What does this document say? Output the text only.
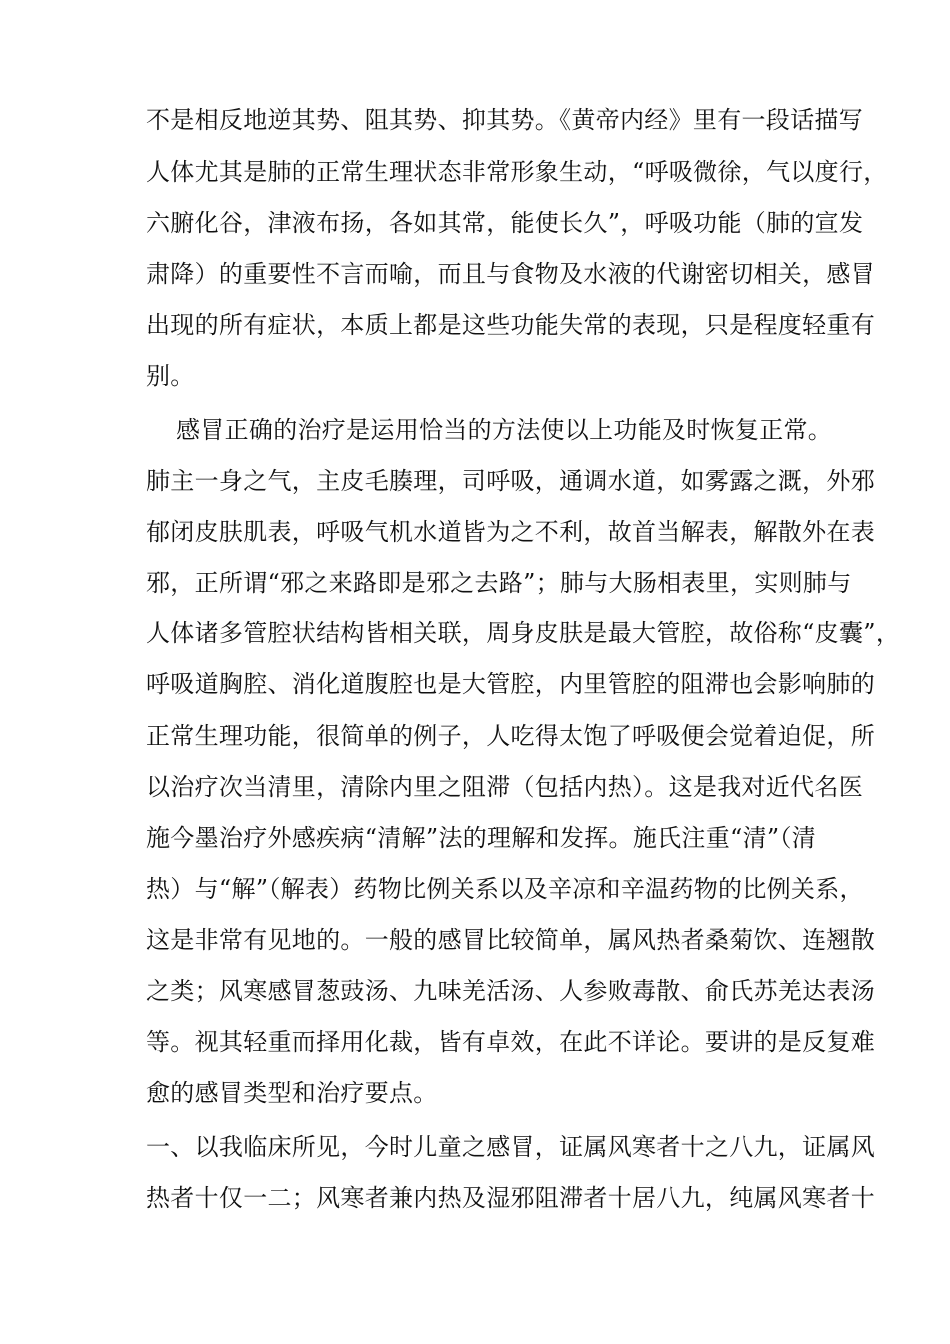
不是相反地逆其势、阻其势、抑其势。《黄帝内经》里有一段话描写
人体尤其是肺的正常生理状态非常形象生动，“呼吸微徐，气以度行，
六腑化谷，津液布扬，各如其常，能使长久”，呼吸功能（肺的宣发
肃降）的重要性不言而喻，而且与食物及水液的代谢密切相关，感冒
出现的所有症状，本质上都是这些功能失常的表现，只是程度轻重有
别。
感冒正确的治疗是运用恰当的方法使以上功能及时恢复正常。
肺主一身之气，主皮毛腠理，司呼吸，通调水道，如雾露之溉，外邪
郁闭皮肤肌表，呼吸气机水道皆为之不利，故首当解表，解散外在表
邪，正所谓“邪之来路即是邪之去路”；肺与大肠相表里，实则肺与
人体诸多管腔状结构皆相关联，周身皮肤是最大管腔，故俗称“皮囊”，
呼吸道胸腔、消化道腹腔也是大管腔，内里管腔的阻滞也会影响肺的
正常生理功能，很简单的例子，人吃得太饱了呼吸便会觉着迫促，所
以治疗次当清里，清除内里之阻滞（包括内热）。这是我对近代名医
施今墨治疗外感疾病“清解”法的理解和发挥。施氏注重“清”（清
热）与“解”（解表）药物比例关系以及辛凉和辛温药物的比例关系，
这是非常有见地的。一般的感冒比较简单，属风热者桑菊饮、连翘散
之类；风寒感冒葱豉汤、九味羌活汤、人参败毒散、俞氏苏羌达表汤
等。视其轻重而择用化裁，皆有卓效，在此不详论。要讲的是反复难
愈的感冒类型和治疗要点。
一、以我临床所见，今时儿童之感冒，证属风寒者十之八九，证属风
热者十仅一二；风寒者兼内热及湿邪阻滞者十居八九，纯属风寒者十
